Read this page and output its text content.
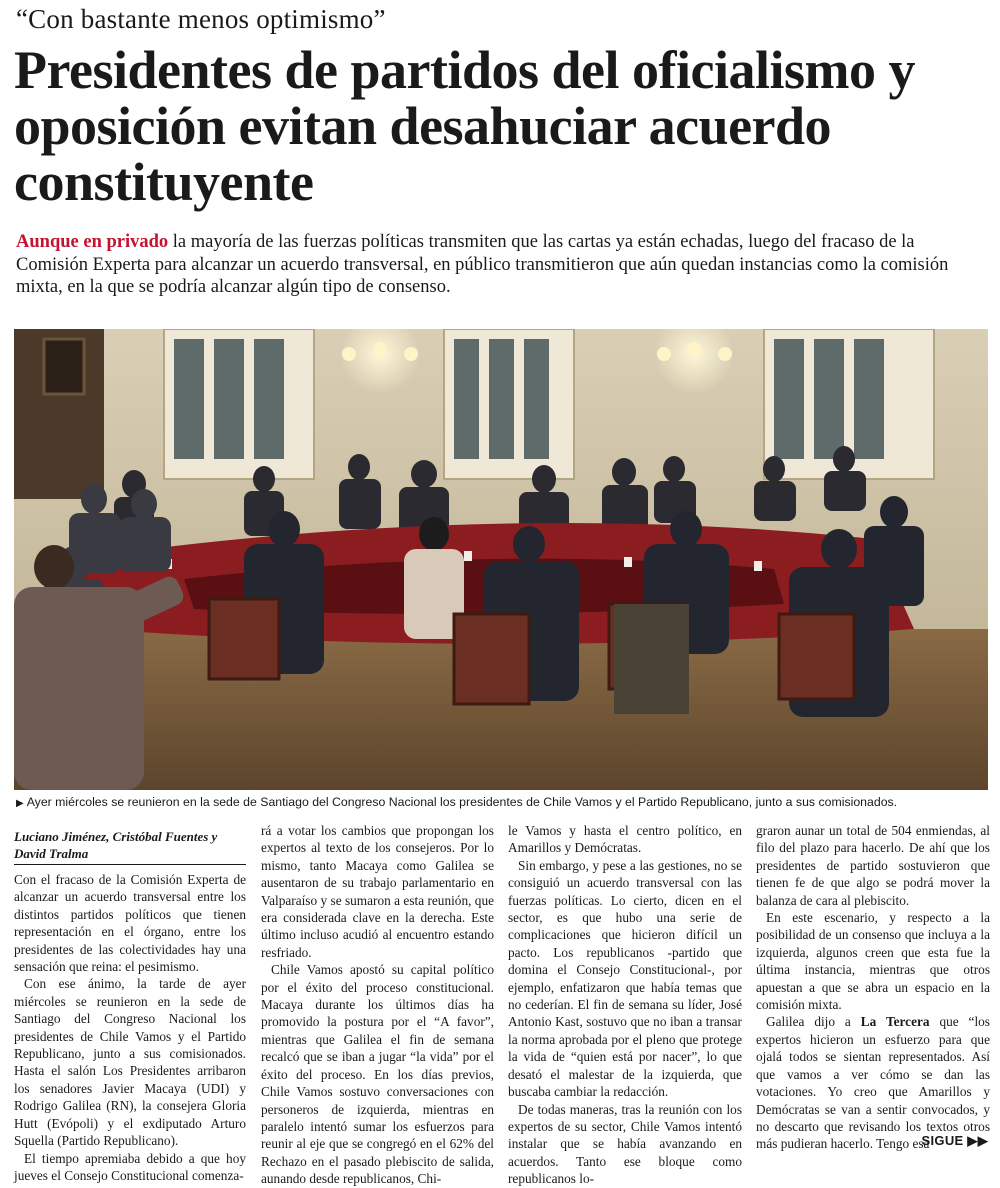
“Con bastante menos optimismo”
Presidentes de partidos del oficialismo y oposición evitan desahuciar acuerdo constituyente
Aunque en privado la mayoría de las fuerzas políticas transmiten que las cartas ya están echadas, luego del fracaso de la Comisión Experta para alcanzar un acuerdo transversal, en público transmitieron que aún quedan instancias como la comisión mixta, en la que se podría alcanzar algún tipo de consenso.
▶ Ayer miércoles se reunieron en la sede de Santiago del Congreso Nacional los presidentes de Chile Vamos y el Partido Republicano, junto a sus comisionados.
Luciano Jiménez, Cristóbal Fuentes y David Tralma

Con el fracaso de la Comisión Experta de alcanzar un acuerdo transversal entre los distintos partidos políticos que tienen representación en el órgano, entre los presidentes de las colectividades hay una sensación que reina: el pesimismo.

Con ese ánimo, la tarde de ayer miércoles se reunieron en la sede de Santiago del Congreso Nacional los presidentes de Chile Vamos y el Partido Republicano, junto a sus comisionados. Hasta el salón Los Presidentes arribaron los senadores Javier Macaya (UDI) y Rodrigo Galilea (RN), la consejera Gloria Hutt (Evópoli) y el exdiputado Arturo Squella (Partido Republicano).

El tiempo apremiaba debido a que hoy jueves el Consejo Constitucional comenza-

rá a votar los cambios que propongan los expertos al texto de los consejeros. Por lo mismo, tanto Macaya como Galilea se ausentaron de su trabajo parlamentario en Valparaíso y se sumaron a esta reunión, que era considerada clave en la derecha. Este último incluso acudió al encuentro estando resfriado.

Chile Vamos apostó su capital político por el éxito del proceso constitucional. Macaya durante los últimos días ha promovido la postura por el “A favor”, mientras que Galilea el fin de semana recalcó que se iban a jugar “la vida” por el éxito del proceso. En los días previos, Chile Vamos sostuvo conversaciones con personeros de izquierda, mientras en paralelo intentó sumar los esfuerzos para reunir al eje que se congregó en el 62% del Rechazo en el pasado plebiscito de salida, aunando desde republicanos, Chi-

le Vamos y hasta el centro político, en Amarillos y Demócratas.

Sin embargo, y pese a las gestiones, no se consiguió un acuerdo transversal con las fuerzas políticas. Lo cierto, dicen en el sector, es que hubo una serie de complicaciones que hicieron difícil un pacto. Los republicanos -partido que domina el Consejo Constitucional-, por ejemplo, enfatizaron que había temas que no cederían. El fin de semana su líder, José Antonio Kast, sostuvo que no iban a transar la norma aprobada por el pleno que protege la vida de “quien está por nacer”, lo que desató el malestar de la izquierda, que buscaba cambiar la redacción.

De todas maneras, tras la reunión con los expertos de su sector, Chile Vamos intentó instalar que se había avanzando en acuerdos. Tanto ese bloque como republicanos lo-

graron aunar un total de 504 enmiendas, al filo del plazo para hacerlo. De ahí que los presidentes de partido sostuvieron que tienen fe de que algo se podrá mover la balanza de cara al plebiscito.

En este escenario, y respecto a la posibilidad de un consenso que incluya a la izquierda, algunos creen que esta fue la última instancia, mientras que otros apuestan a que se abra un espacio en la comisión mixta.

Galilea dijo a La Tercera que “los expertos hicieron un esfuerzo para que ojalá todos se sientan representados. Así que vamos a ver cómo se dan las votaciones. Yo creo que Amarillos y Demócratas se van a sentir convocados, y no descarto que revisando los textos otros más pudieran hacerlo. Tengo esa

SIGUE ▶▶
